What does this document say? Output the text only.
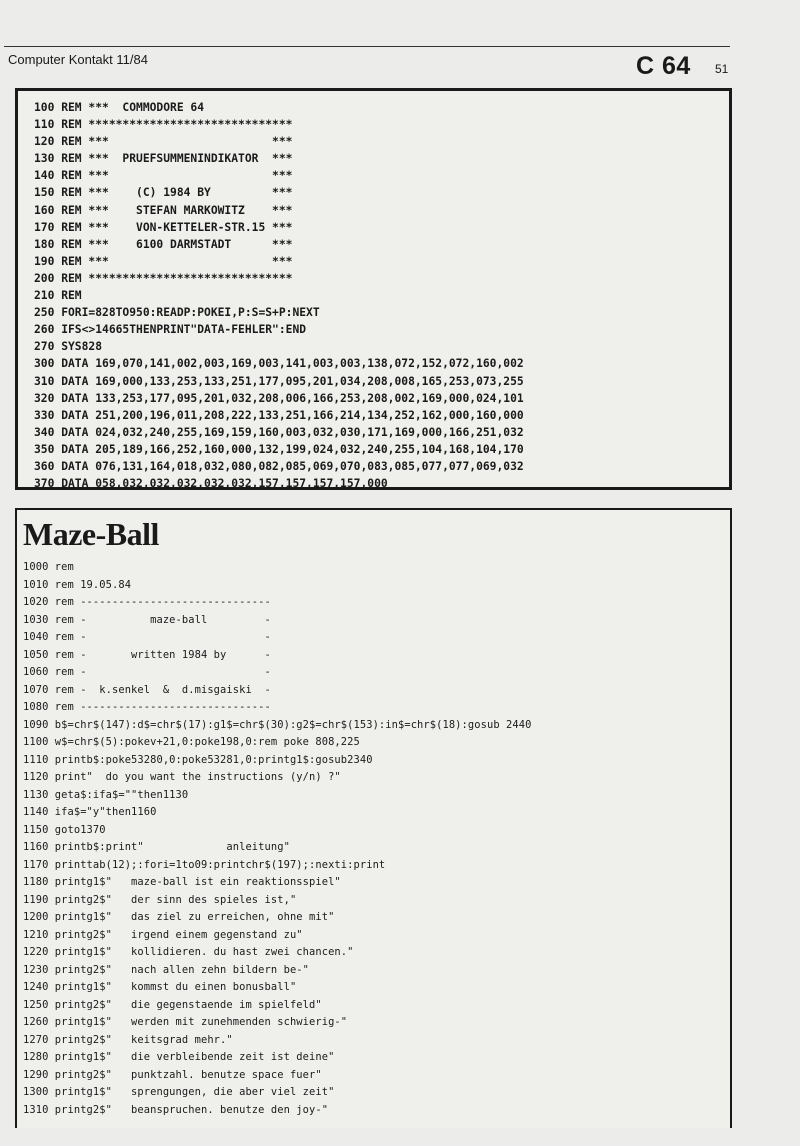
Computer Kontakt 11/84	C 64 51
100 REM ***  COMMODORE 64
110 REM ******************************
120 REM ***                        ***
130 REM ***  PRUEFSUMMENINDIKATOR  ***
140 REM ***                        ***
150 REM ***    (C) 1984 BY         ***
160 REM ***    STEFAN MARKOWITZ    ***
170 REM ***    VON-KETTELER-STR.15 ***
180 REM ***    6100 DARMSTADT      ***
190 REM ***                        ***
200 REM ******************************
210 REM
250 FORI=828TO950:READP:POKEI,P:S=S+P:NEXT
260 IFS<>14665THENPRINT"DATA-FEHLER":END
270 SYS828
300 DATA 169,070,141,002,003,169,003,141,003,003,138,072,152,072,160,002
310 DATA 169,000,133,253,133,251,177,095,201,034,208,008,165,253,073,255
320 DATA 133,253,177,095,201,032,208,006,166,253,208,002,169,000,024,101
330 DATA 251,200,196,011,208,222,133,251,166,214,134,252,162,000,160,000
340 DATA 024,032,240,255,169,159,160,003,032,030,171,169,000,166,251,032
350 DATA 205,189,166,252,160,000,132,199,024,032,240,255,104,168,104,170
360 DATA 076,131,164,018,032,080,082,085,069,070,083,085,077,077,069,032
370 DATA 058,032,032,032,032,032,157,157,157,157,000
Maze-Ball
1000 rem
1010 rem 19.05.84
1020 rem ------------------------------
1030 rem -          maze-ball         -
1040 rem -                            -
1050 rem -       written 1984 by      -
1060 rem -                            -
1070 rem -  k.senkel  &  d.misgaiski  -
1080 rem ------------------------------
1090 b$=chr$(147):d$=chr$(17):g1$=chr$(30):g2$=chr$(153):in$=chr$(18):gosub 2440
1100 w$=chr$(5):pokev+21,0:poke198,0:rem poke 808,225
1110 printb$:poke53280,0:poke53281,0:printg1$:gosub2340
1120 print"  do you want the instructions (y/n) ?"
1130 geta$:ifa$=""then1130
1140 ifa$="y"then1160
1150 goto1370
1160 printb$:print"             anleitung"
1170 printtab(12);:fori=1to09:printchr$(197);:nexti:print
1180 printg1$"   maze-ball ist ein reaktionsspiel"
1190 printg2$"   der sinn des spieles ist,"
1200 printg1$"   das ziel zu erreichen, ohne mit"
1210 printg2$"   irgend einem gegenstand zu"
1220 printg1$"   kollidieren. du hast zwei chancen."
1230 printg2$"   nach allen zehn bildern be-"
1240 printg1$"   kommst du einen bonusball"
1250 printg2$"   die gegenstaende im spielfeld"
1260 printg1$"   werden mit zunehmenden schwierig-"
1270 printg2$"   keitsgrad mehr."
1280 printg1$"   die verbleibende zeit ist deine"
1290 printg2$"   punktzahl. benutze space fuer"
1300 printg1$"   sprengungen, die aber viel zeit"
1310 printg2$"   beanspruchen. benutze den joy-"
